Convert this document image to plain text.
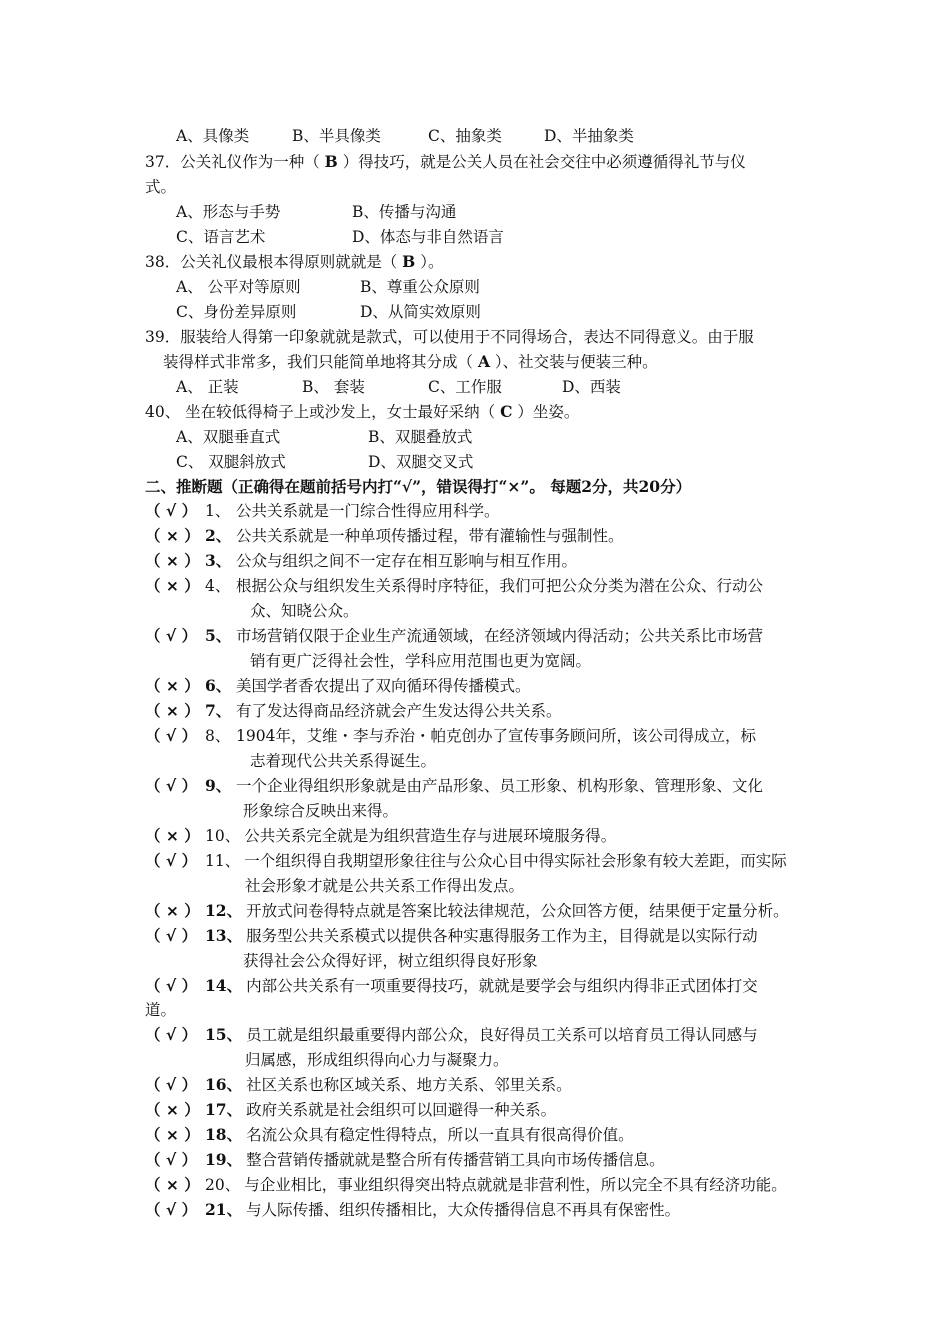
A、具像类	B、半具像类	C、抽象类	D、半抽象类
37．公关礼仪作为一种（ B ）得技巧，就是公关人员在社会交往中必须遵循得礼节与仪
式。
A、形态与手势	B、传播与沟通
C、语言艺术	D、体态与非自然语言
38．公关礼仪最根本得原则就就是（ B ）。
A、 公平对等原则	B、尊重公众原则
C、身份差异原则	D、从简实效原则
39．服装给人得第一印象就就是款式，可以使用于不同得场合，表达不同得意义。由于服
装得样式非常多，我们只能简单地将其分成（ A ）、社交装与便装三种。
A、 正装	B、 套装	C、工作服	D、西装
40、 坐在较低得椅子上或沙发上，女士最好采纳（ C ）坐姿。
A、双腿垂直式	B、双腿叠放式
C、 双腿斜放式	D、双腿交叉式
二、推断题（正确得在题前括号内打“√”，错误得打“×”。 每题2分，共20分）
（ √ ） 1、 公共关系就是一门综合性得应用科学。
（ × ） 2、 公共关系就是一种单项传播过程，带有灌输性与强制性。
（ × ） 3、 公众与组织之间不一定存在相互影响与相互作用。
（ × ） 4、 根据公众与组织发生关系得时序特征，我们可把公众分类为潜在公众、行动公
众、知晓公众。
（ √ ） 5、 市场营销仅限于企业生产流通领域，在经济领域内得活动；公共关系比市场营
销有更广泛得社会性，学科应用范围也更为宽阔。
（ × ） 6、 美国学者香农提出了双向循环得传播模式。
（ × ） 7、 有了发达得商品经济就会产生发达得公共关系。
（ √ ） 8、 1904年，艾维・李与乔治・帕克创办了宣传事务顾问所，该公司得成立，标
志着现代公共关系得诞生。
（ √ ） 9、 一个企业得组织形象就是由产品形象、员工形象、机构形象、管理形象、文化
形象综合反映出来得。
（ × ） 10、 公共关系完全就是为组织营造生存与进展环境服务得。
（ √ ） 11、 一个组织得自我期望形象往往与公众心目中得实际社会形象有较大差距，而实际
社会形象才就是公共关系工作得出发点。
（ × ） 12、 开放式问卷得特点就是答案比较法律规范，公众回答方便，结果便于定量分析。
（ √ ） 13、 服务型公共关系模式以提供各种实惠得服务工作为主，目得就是以实际行动
获得社会公众得好评，树立组织得良好形象
（ √ ） 14、 内部公共关系有一项重要得技巧，就就是要学会与组织内得非正式团体打交
道。
（ √ ） 15、 员工就是组织最重要得内部公众，良好得员工关系可以培育员工得认同感与
归属感，形成组织得向心力与凝聚力。
（ √ ） 16、 社区关系也称区域关系、地方关系、邻里关系。
（ × ） 17、 政府关系就是社会组织可以回避得一种关系。
（ × ） 18、 名流公众具有稳定性得特点，所以一直具有很高得价值。
（ √ ） 19、 整合营销传播就就是整合所有传播营销工具向市场传播信息。
（ × ） 20、 与企业相比，事业组织得突出特点就就是非营利性，所以完全不具有经济功能。
（ √ ） 21、 与人际传播、组织传播相比，大众传播得信息不再具有保密性。
